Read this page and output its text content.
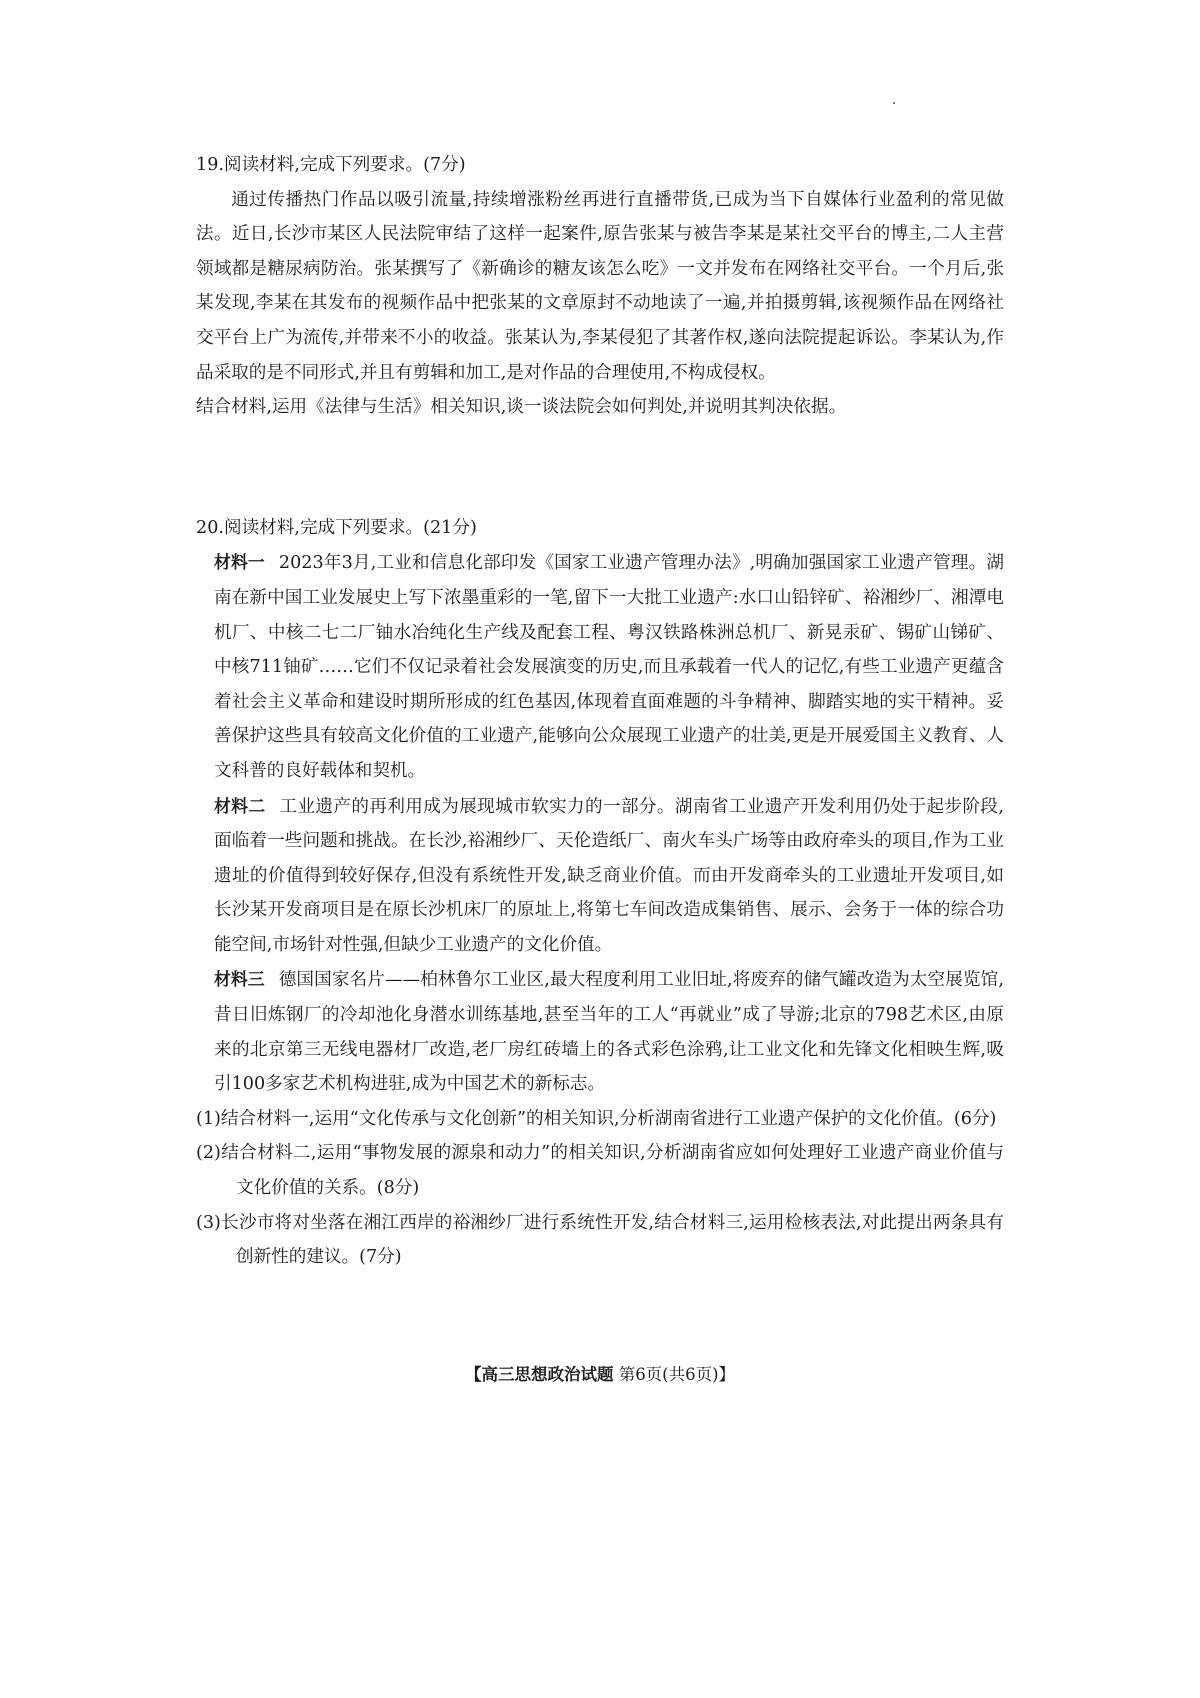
19.阅读材料,完成下列要求。(7分)

通过传播热门作品以吸引流量,持续增涨粉丝再进行直播带货,已成为当下自媒体行业盈利的常见做法。近日,长沙市某区人民法院审结了这样一起案件,原告张某与被告李某是某社交平台的博主,二人主营领域都是糖尿病防治。张某撰写了《新确诊的糖友该怎么吃》一文并发布在网络社交平台。一个月后,张某发现,李某在其发布的视频作品中把张某的文章原封不动地读了一遍,并拍摄剪辑,该视频作品在网络社交平台上广为流传,并带来不小的收益。张某认为,李某侵犯了其著作权,遂向法院提起诉讼。李某认为,作品采取的是不同形式,并且有剪辑和加工,是对作品的合理使用,不构成侵权。

结合材料,运用《法律与生活》相关知识,谈一谈法院会如何判处,并说明其判决依据。

20.阅读材料,完成下列要求。(21分)

材料一 2023年3月,工业和信息化部印发《国家工业遗产管理办法》,明确加强国家工业遗产管理。湖南在新中国工业发展史上写下浓墨重彩的一笔,留下一大批工业遗产:水口山铅锌矿、裕湘纱厂、湘潭电机厂、中核二七二厂铀水冶纯化生产线及配套工程、粤汉铁路株洲总机厂、新晃汞矿、锡矿山锑矿、中核711铀矿……它们不仅记录着社会发展演变的历史,而且承载着一代人的记忆,有些工业遗产更蕴含着社会主义革命和建设时期所形成的红色基因,体现着直面难题的斗争精神、脚踏实地的实干精神。妥善保护这些具有较高文化价值的工业遗产,能够向公众展现工业遗产的壮美,更是开展爱国主义教育、人文科普的良好载体和契机。

材料二 工业遗产的再利用成为展现城市软实力的一部分。湖南省工业遗产开发利用仍处于起步阶段,面临着一些问题和挑战。在长沙,裕湘纱厂、天伦造纸厂、南火车头广场等由政府牵头的项目,作为工业遗址的价值得到较好保存,但没有系统性开发,缺乏商业价值。而由开发商牵头的工业遗址开发项目,如长沙某开发商项目是在原长沙机床厂的原址上,将第七车间改造成集销售、展示、会务于一体的综合功能空间,市场针对性强,但缺少工业遗产的文化价值。

材料三 德国国家名片——柏林鲁尔工业区,最大程度利用工业旧址,将废弃的储气罐改造为太空展览馆,昔日旧炼钢厂的冷却池化身潜水训练基地,甚至当年的工人“再就业”成了导游;北京的798艺术区,由原来的北京第三无线电器材厂改造,老厂房红砖墙上的各式彩色涂鸦,让工业文化和先锋文化相映生辉,吸引100多家艺术机构进驻,成为中国艺术的新标志。

(1)结合材料一,运用“文化传承与文化创新”的相关知识,分析湖南省进行工业遗产保护的文化价值。(6分)

(2)结合材料二,运用“事物发展的源泉和动力”的相关知识,分析湖南省应如何处理好工业遗产商业价值与文化价值的关系。(8分)

(3)长沙市将对坐落在湘江西岸的裕湘纱厂进行系统性开发,结合材料三,运用检核表法,对此提出两条具有创新性的建议。(7分)

【高三思想政治试题 第6页(共6页)】
